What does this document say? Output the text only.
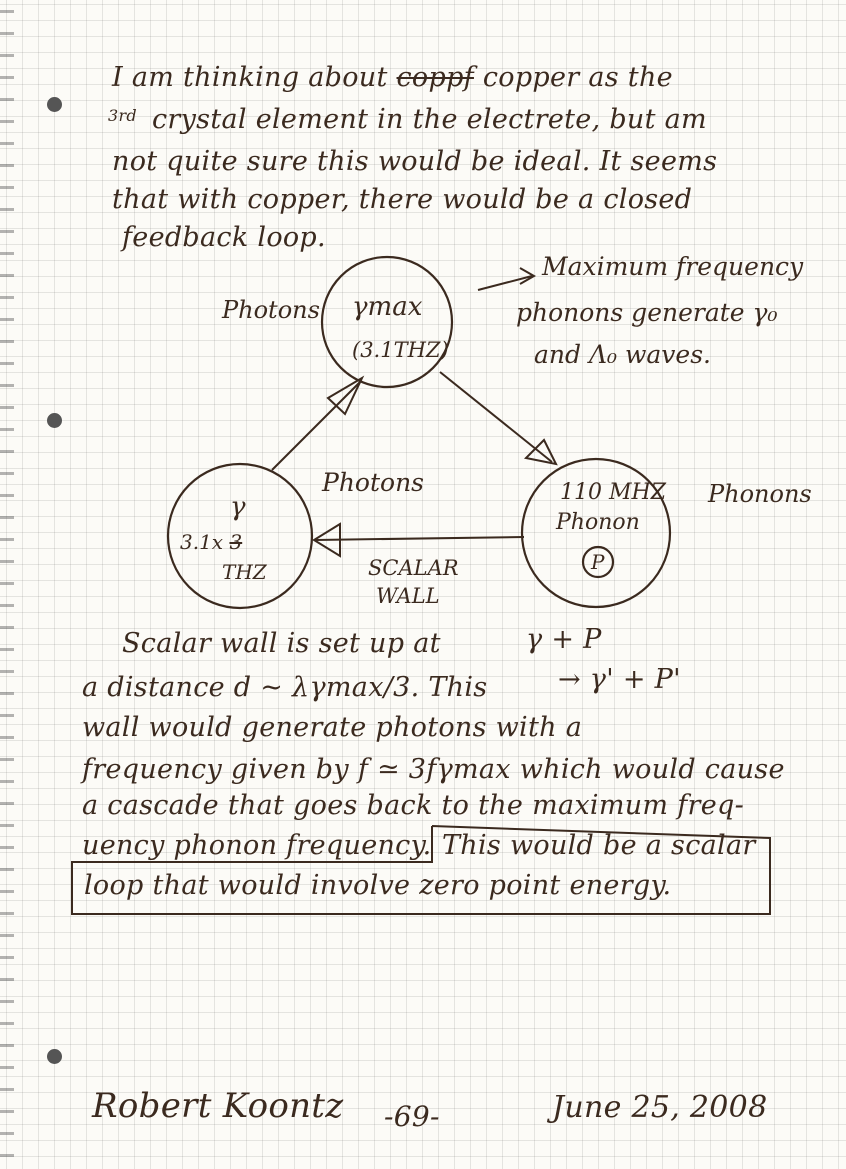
I am thinking about coppf copper as the
3rd crystal element in the electrete, but am
not quite sure this would be ideal. It seems
that with copper, there would be a closed
feedback loop.
Photons γmax
(3.1THZ)
Maximum frequency
phonons generate γ₀
and Λ₀ waves.
Photons
γ
3.1x 3
THZ
110 MHZ
Phonon
P
Phonons
SCALAR
WALL
Scalar wall is set up at	γ + P
a distance d ~ λγmax/3. This	→ γ' + P'
wall would generate photons with a
frequency given by f ≃ 3fγmax which would cause
a cascade that goes back to the maximum freq-
uency phonon frequency. This would be a scalar
loop that would involve zero point energy.
Robert Koontz -69-	June 25, 2008
